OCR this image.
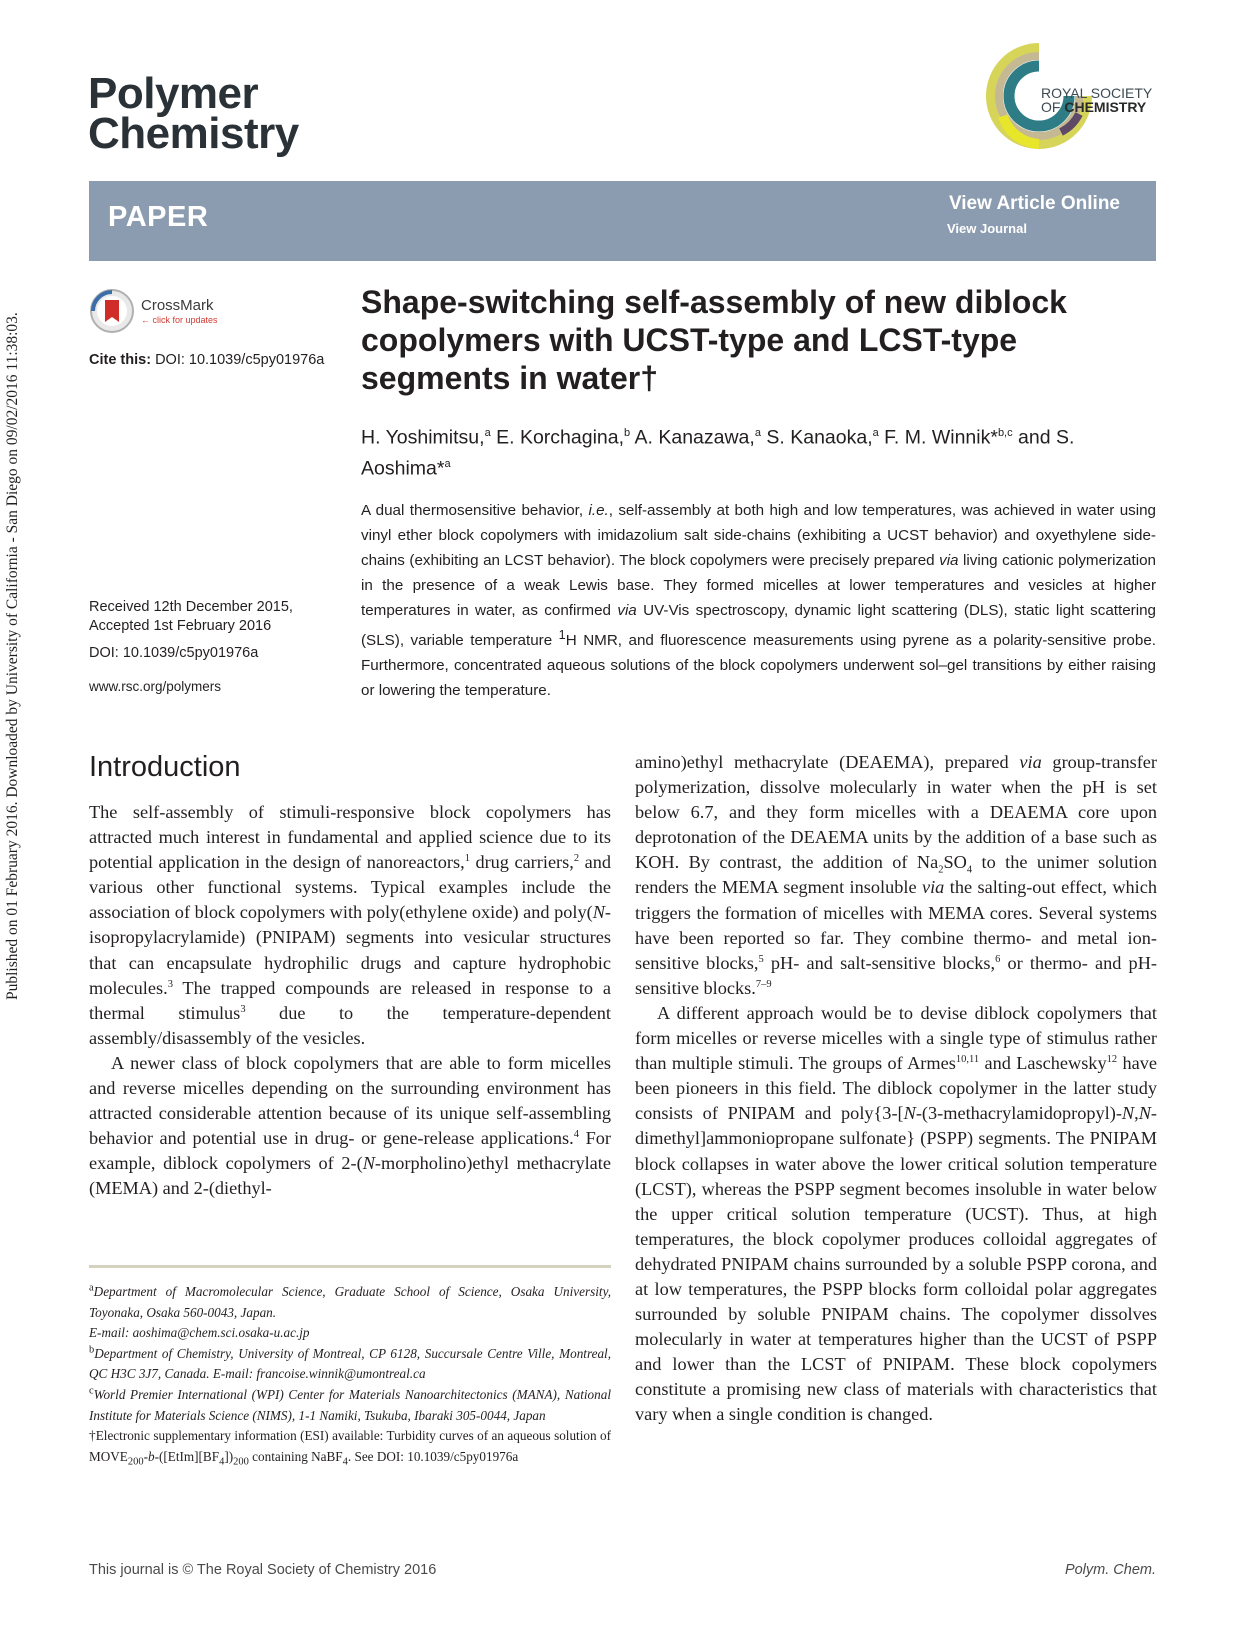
Published on 01 February 2016. Downloaded by University of California - San Diego on 09/02/2016 11:38:03.
Polymer
Chemistry
ROYAL SOCIETY
OF CHEMISTRY
PAPER	View Article Online
View Journal
CrossMark
← click for updates
Cite this: DOI: 10.1039/c5py01976a
Shape-switching self-assembly of new diblock copolymers with UCST-type and LCST-type segments in water†
H. Yoshimitsu,$^a$ E. Korchagina,$^b$ A. Kanazawa,$^a$ S. Kanaoka,$^a$ F. M. Winnik*$^{b,c}$ and S. Aoshima*$^a$
A dual thermosensitive behavior, i.e., self-assembly at both high and low temperatures, was achieved in water using vinyl ether block copolymers with imidazolium salt side-chains (exhibiting a UCST behavior) and oxyethylene side-chains (exhibiting an LCST behavior). The block copolymers were precisely prepared via living cationic polymerization in the presence of a weak Lewis base. They formed micelles at lower temperatures and vesicles at higher temperatures in water, as confirmed via UV-Vis spectroscopy, dynamic light scattering (DLS), static light scattering (SLS), variable temperature $^1$H NMR, and fluorescence measurements using pyrene as a polarity-sensitive probe. Furthermore, concentrated aqueous solutions of the block copolymers underwent sol–gel transitions by either raising or lowering the temperature.
Received 12th December 2015,
Accepted 1st February 2016
DOI: 10.1039/c5py01976a
www.rsc.org/polymers
Introduction

The self-assembly of stimuli-responsive block copolymers has attracted much interest in fundamental and applied science due to its potential application in the design of nanoreactors,$^1$ drug carriers,$^2$ and various other functional systems. Typical examples include the association of block copolymers with poly(ethylene oxide) and poly(N-isopropylacrylamide) (PNIPAM) segments into vesicular structures that can encapsulate hydrophilic drugs and capture hydrophobic molecules.$^3$ The trapped compounds are released in response to a thermal stimulus$^3$ due to the temperature-dependent assembly/disassembly of the vesicles.

A newer class of block copolymers that are able to form micelles and reverse micelles depending on the surrounding environment has attracted considerable attention because of its unique self-assembling behavior and potential use in drug- or gene-release applications.$^4$ For example, diblock copolymers of 2-(N-morpholino)ethyl methacrylate (MEMA) and 2-(diethyl-

amino)ethyl methacrylate (DEAEMA), prepared via group-transfer polymerization, dissolve molecularly in water when the pH is set below 6.7, and they form micelles with a DEAEMA core upon deprotonation of the DEAEMA units by the addition of a base such as KOH. By contrast, the addition of $Na_2SO_4$ to the unimer solution renders the MEMA segment insoluble via the salting-out effect, which triggers the formation of micelles with MEMA cores. Several systems have been reported so far. They combine thermo- and metal ion-sensitive blocks,$^5$ pH- and salt-sensitive blocks,$^6$ or thermo- and pH-sensitive blocks.$^{7-9}$

A different approach would be to devise diblock copolymers that form micelles or reverse micelles with a single type of stimulus rather than multiple stimuli. The groups of Armes$^{10,11}$ and Laschewsky$^{12}$ have been pioneers in this field. The diblock copolymer in the latter study consists of PNIPAM and poly{3-[N-(3-methacrylamidopropyl)-N,N-dimethyl]ammoniopropane sulfonate} (PSPP) segments. The PNIPAM block collapses in water above the lower critical solution temperature (LCST), whereas the PSPP segment becomes insoluble in water below the upper critical solution temperature (UCST). Thus, at high temperatures, the block copolymer produces colloidal aggregates of dehydrated PNIPAM chains surrounded by a soluble PSPP corona, and at low temperatures, the PSPP blocks form colloidal polar aggregates surrounded by soluble PNIPAM chains. The copolymer dissolves molecularly in water at temperatures higher than the UCST of PSPP and lower than the LCST of PNIPAM. These block copolymers constitute a promising new class of materials with characteristics that vary when a single condition is changed.

$^a$Department of Macromolecular Science, Graduate School of Science, Osaka University, Toyonaka, Osaka 560-0043, Japan.

E-mail: aoshima@chem.sci.osaka-u.ac.jp

$^b$Department of Chemistry, University of Montreal, CP 6128, Succursale Centre Ville, Montreal, QC H3C 3J7, Canada. E-mail: francoise.winnik@umontreal.ca

$^c$World Premier International (WPI) Center for Materials Nanoarchitectonics (MANA), National Institute for Materials Science (NIMS), 1-1 Namiki, Tsukuba, Ibaraki 305-0044, Japan

†Electronic supplementary information (ESI) available: Turbidity curves of an aqueous solution of $MOVE_{200}-b-([EtIm][BF_4])_{200}$ containing NaBF$_4$. See DOI: 10.1039/c5py01976a

This journal is © The Royal Society of Chemistry 2016	Polym. Chem.
